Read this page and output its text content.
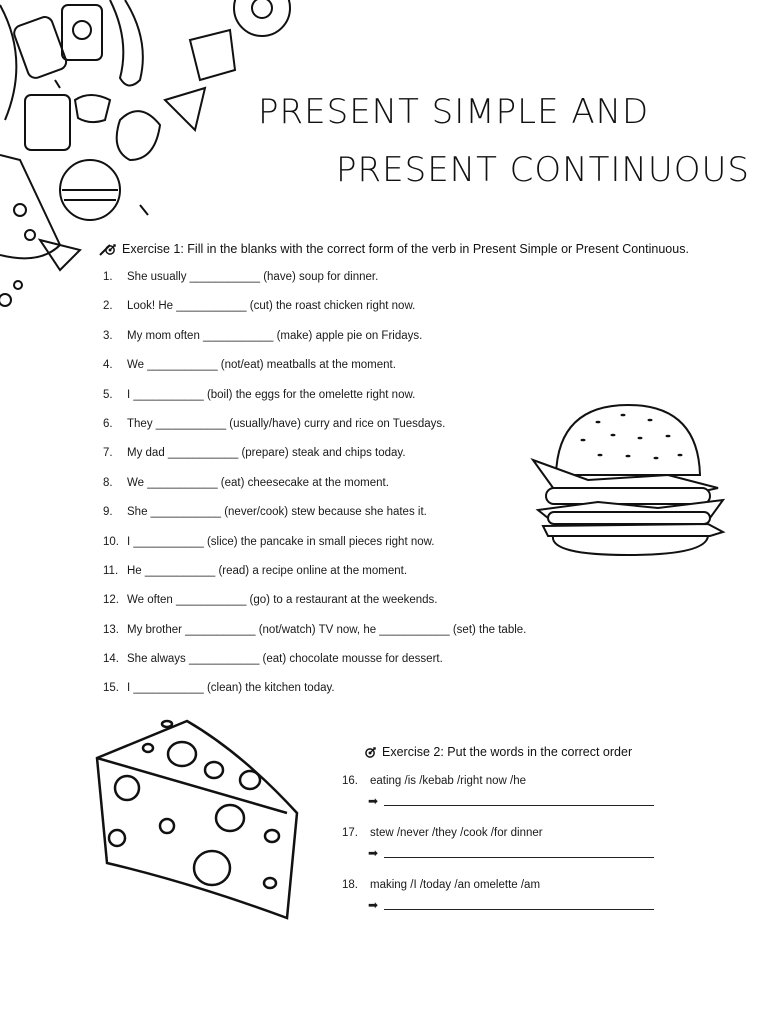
PRESENT SIMPLE AND
PRESENT CONTINUOUS
Exercise 1: Fill in the blanks with the correct form of the verb in Present Simple or Present Continuous.
1.	She usually ___________ (have) soup for dinner.
2.	Look! He ___________ (cut) the roast chicken right now.
3.	My mom often ___________ (make) apple pie on Fridays.
4.	We ___________ (not/eat) meatballs at the moment.
5.	I ___________ (boil) the eggs for the omelette right now.
6.	They ___________ (usually/have) curry and rice on Tuesdays.
7.	My dad ___________ (prepare) steak and chips today.
8.	We ___________ (eat) cheesecake at the moment.
9.	She ___________ (never/cook) stew because she hates it.
10. I ___________ (slice) the pancake in small pieces right now.
11. He ___________ (read) a recipe online at the moment.
12. We often ___________ (go) to a restaurant at the weekends.
13. My brother ___________ (not/watch) TV now, he ___________ (set) the table.
14. She always ___________ (eat) chocolate mousse for dessert.
15. I ___________ (clean) the kitchen today.
Exercise 2: Put the words in the correct order
16. eating /is /kebab /right now /he
➡
17. stew /never /they /cook /for dinner
➡
18. making /I /today /an omelette /am
➡
